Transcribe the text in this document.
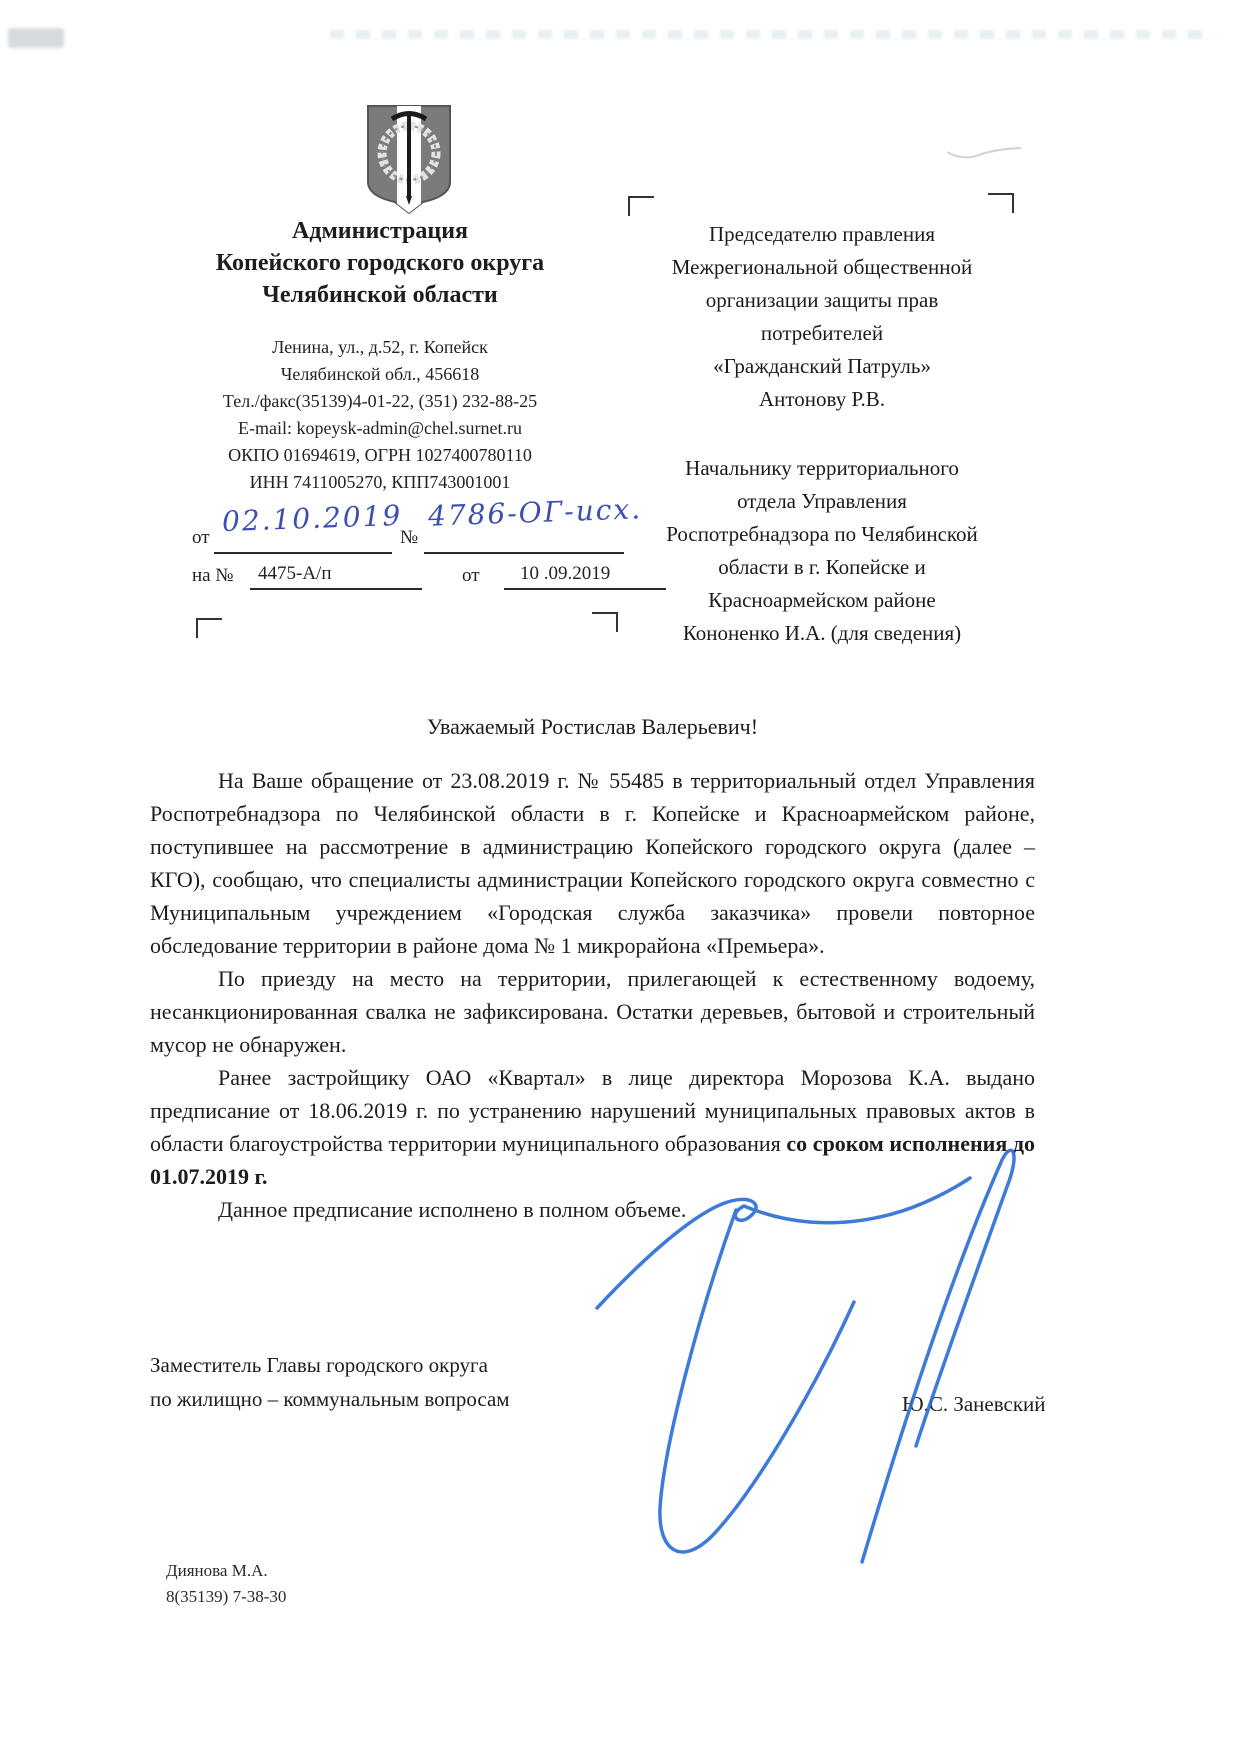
Администрация
Копейского городского округа
Челябинской области
Ленина, ул., д.52, г. Копейск
Челябинской обл., 456618
Тел./факс(35139)4-01-22, (351) 232-88-25
E-mail: kopeysk-admin@chel.surnet.ru
ОКПО 01694619, ОГРН 1027400780110
ИНН 7411005270, КПП743001001
от 02.10.2019
№
4786-ОГ-исх.
на № 4475-А/п	от 10 .09.2019
Председателю правления
Межрегиональной общественной
организации защиты прав
потребителей
«Гражданский Патруль»
Антонову Р.В.
Начальнику территориального
отдела Управления
Роспотребнадзора по Челябинской
области в г. Копейске и
Красноармейском районе
Кононенко И.А. (для сведения)
Уважаемый Ростислав Валерьевич!

На Ваше обращение от 23.08.2019 г. № 55485 в территориальный отдел Управления Роспотребнадзора по Челябинской области в г. Копейске и Красноармейском районе, поступившее на рассмотрение в администрацию Копейского городского округа (далее – КГО), сообщаю, что специалисты администрации Копейского городского округа совместно с Муниципальным учреждением «Городская служба заказчика» провели повторное обследование территории в районе дома № 1 микрорайона «Премьера».

По приезду на место на территории, прилегающей к естественному водоему, несанкционированная свалка не зафиксирована. Остатки деревьев, бытовой и строительный мусор не обнаружен.

Ранее застройщику ОАО «Квартал» в лице директора Морозова К.А. выдано предписание от 18.06.2019 г. по устранению нарушений муниципальных правовых актов в области благоустройства территории муниципального образования со сроком исполнения до 01.07.2019 г.

Данное предписание исполнено в полном объеме.

Заместитель Главы городского округа
по жилищно – коммунальным вопросам	Ю.С. Заневский
Диянова М.А.
8(35139) 7-38-30
